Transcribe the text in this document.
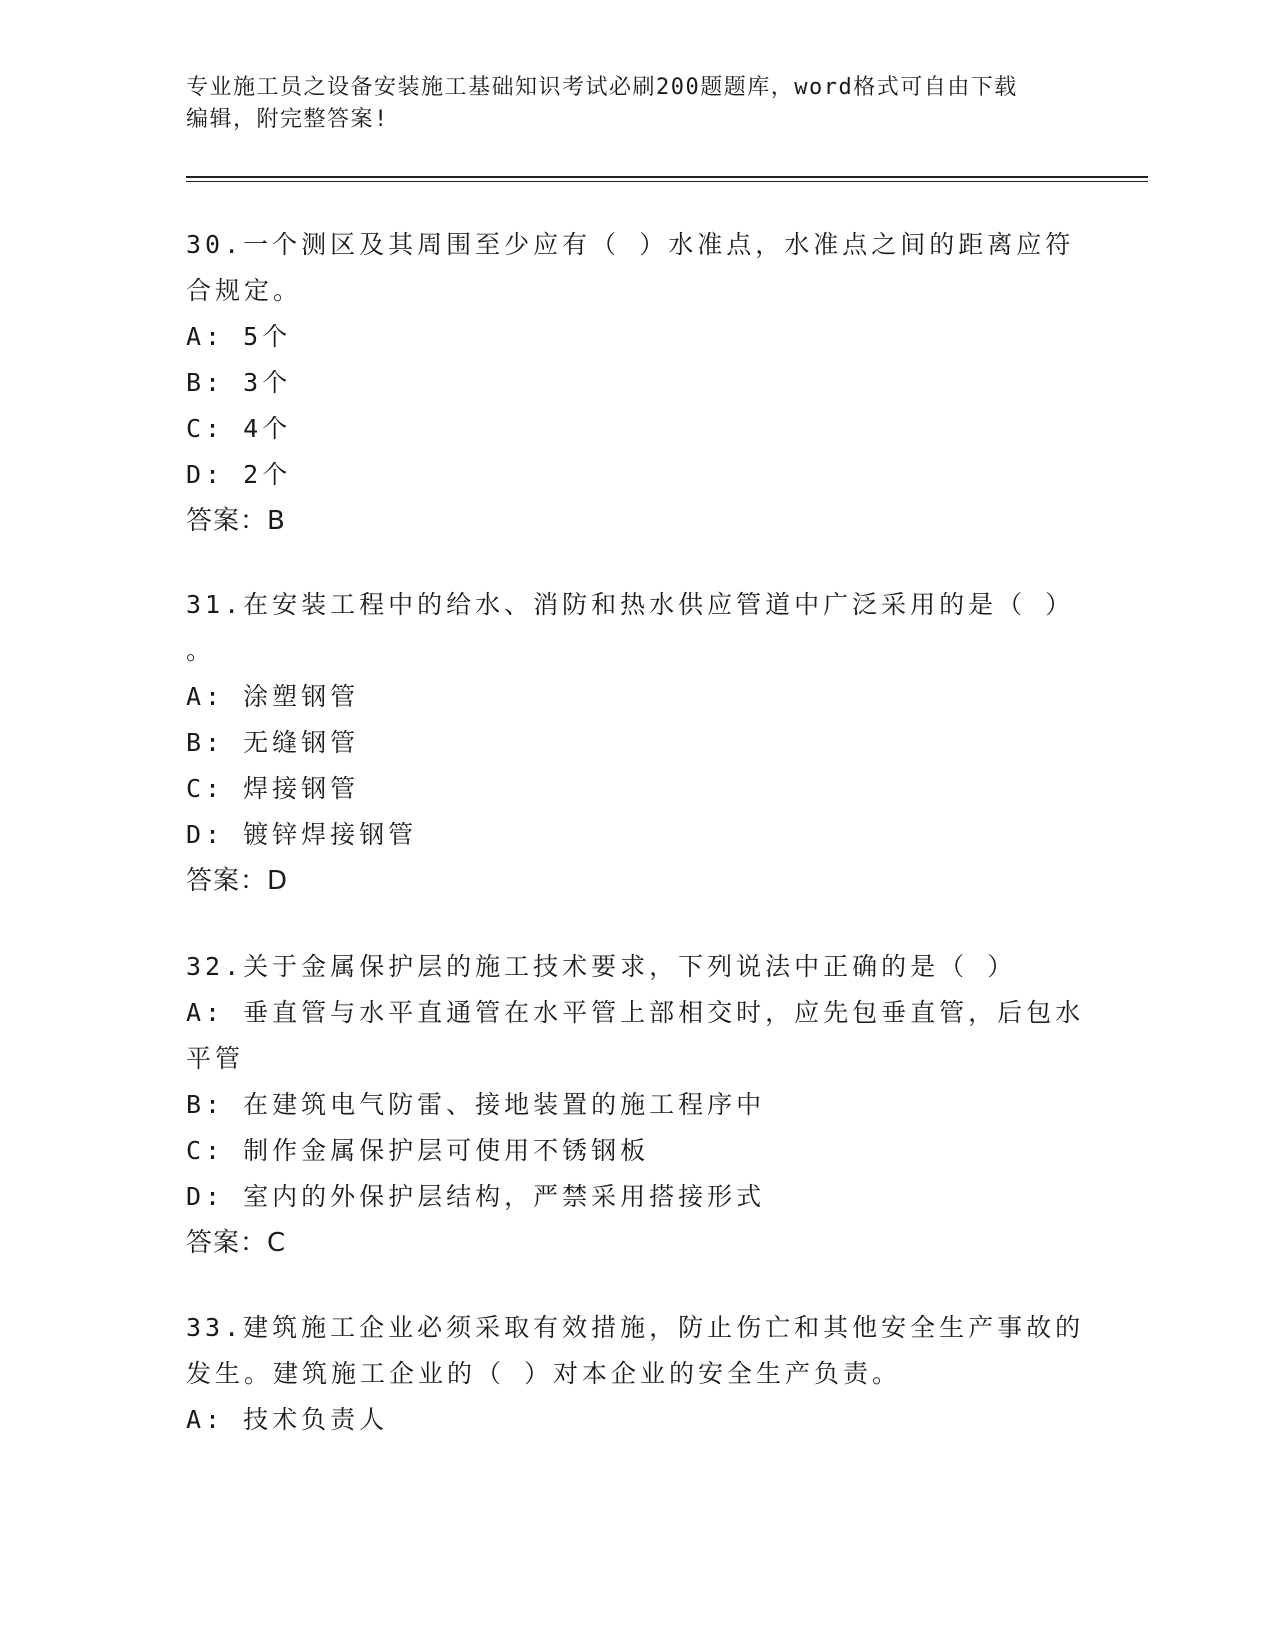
专业施工员之设备安装施工基础知识考试必刷200题题库，word格式可自由下载
编辑，附完整答案!
30.一个测区及其周围至少应有（ ）水准点，水准点之间的距离应符
合规定。
A: 5个
B: 3个
C: 4个
D: 2个
答案：B
31.在安装工程中的给水、消防和热水供应管道中广泛采用的是（ ）
。
A: 涂塑钢管
B: 无缝钢管
C: 焊接钢管
D: 镀锌焊接钢管
答案：D
32.关于金属保护层的施工技术要求，下列说法中正确的是（ ）
A: 垂直管与水平直通管在水平管上部相交时，应先包垂直管，后包水
平管
B: 在建筑电气防雷、接地装置的施工程序中
C: 制作金属保护层可使用不锈钢板
D: 室内的外保护层结构，严禁采用搭接形式
答案：C
33.建筑施工企业必须采取有效措施，防止伤亡和其他安全生产事故的
发生。建筑施工企业的（ ）对本企业的安全生产负责。
A: 技术负责人
